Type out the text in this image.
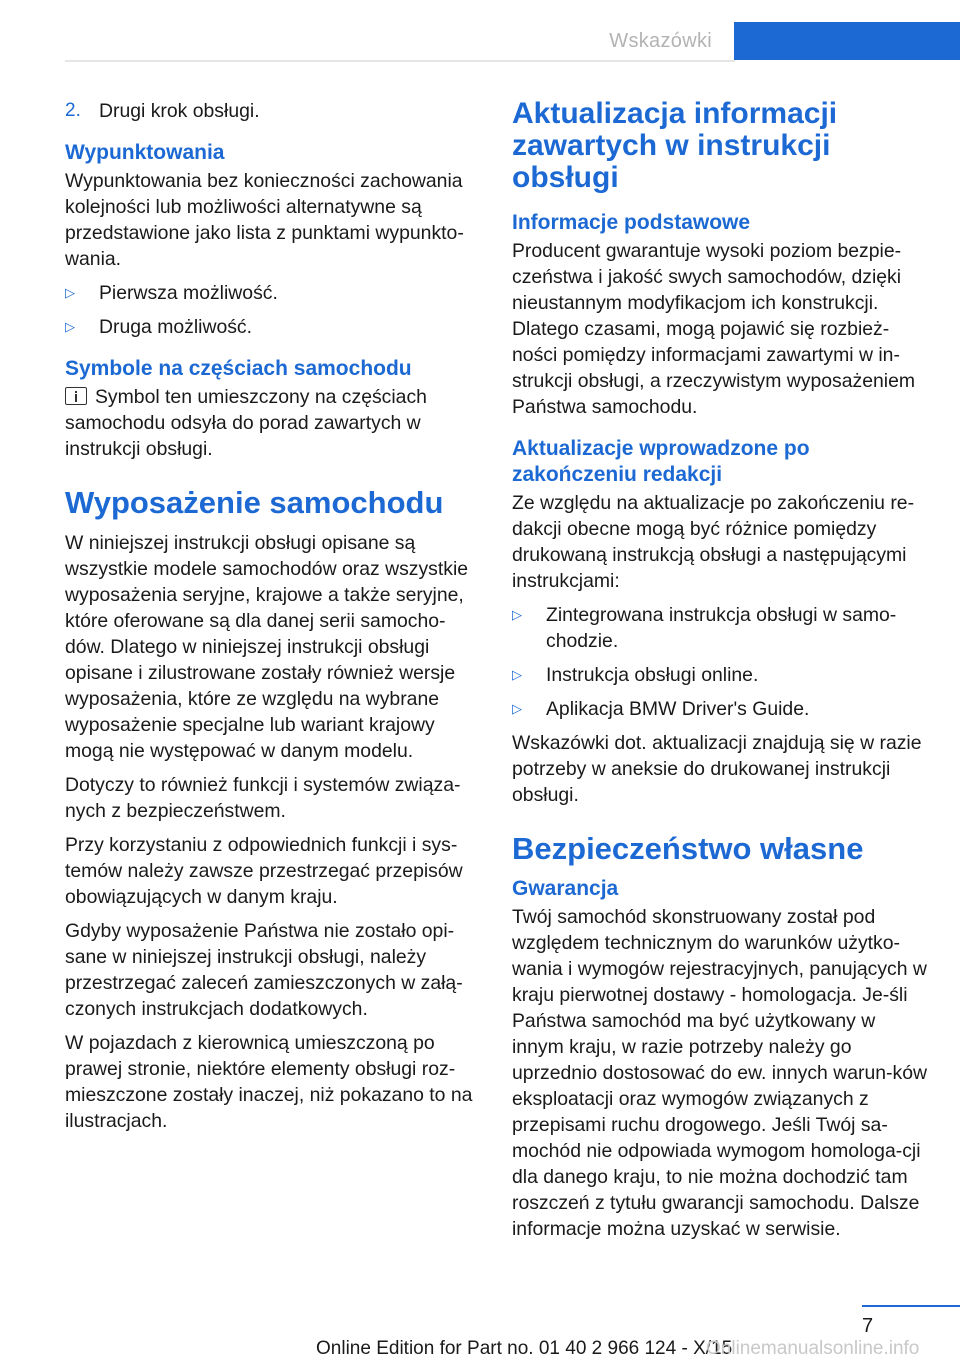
Wskazówki
2. Drugi krok obsługi.
Wypunktowania

Wypunktowania bez konieczności zachowania kolejności lub możliwości alternatywne są przedstawione jako lista z punktami wypunkto-wania.

▷ Pierwsza możliwość.
▷ Druga możliwość.
Symbole na częściach samochodu

Symbol ten umieszczony na częściach samochodu odsyła do porad zawartych w instrukcji obsługi.

Wyposażenie samochodu

W niniejszej instrukcji obsługi opisane są wszystkie modele samochodów oraz wszystkie wyposażenia seryjne, krajowe a także seryjne, które oferowane są dla danej serii samocho-dów. Dlatego w niniejszej instrukcji obsługi opisane i zilustrowane zostały również wersje wyposażenia, które ze względu na wybrane wyposażenie specjalne lub wariant krajowy mogą nie występować w danym modelu.

Dotyczy to również funkcji i systemów związa-nych z bezpieczeństwem.

Przy korzystaniu z odpowiednich funkcji i sys-temów należy zawsze przestrzegać przepisów obowiązujących w danym kraju.

Gdyby wyposażenie Państwa nie zostało opi-sane w niniejszej instrukcji obsługi, należy przestrzegać zaleceń zamieszczonych w załą-czonych instrukcjach dodatkowych.

W pojazdach z kierownicą umieszczoną po prawej stronie, niektóre elementy obsługi roz-mieszczone zostały inaczej, niż pokazano to na ilustracjach.

Aktualizacja informacji zawartych w instrukcji obsługi
Informacje podstawowe

Producent gwarantuje wysoki poziom bezpie-czeństwa i jakość swych samochodów, dzięki nieustannym modyfikacjom ich konstrukcji. Dlatego czasami, mogą pojawić się rozbież-ności pomiędzy informacjami zawartymi w in-strukcji obsługi, a rzeczywistym wyposażeniem Państwa samochodu.

Aktualizacje wprowadzone po zakończeniu redakcji

Ze względu na aktualizacje po zakończeniu re-dakcji obecne mogą być różnice pomiędzy drukowaną instrukcją obsługi a następującymi instrukcjami:

▷ Zintegrowana instrukcja obsługi w samo-chodzie.
▷ Instrukcja obsługi online.
▷ Aplikacja BMW Driver's Guide.

Wskazówki dot. aktualizacji znajdują się w razie potrzeby w aneksie do drukowanej instrukcji obsługi.

Bezpieczeństwo własne
Gwarancja

Twój samochód skonstruowany został pod względem technicznym do warunków użytko-wania i wymogów rejestracyjnych, panujących w kraju pierwotnej dostawy - homologacja. Je-śli Państwa samochód ma być użytkowany w innym kraju, w razie potrzeby należy go uprzednio dostosować do ew. innych warun-ków eksploatacji oraz wymogów związanych z przepisami ruchu drogowego. Jeśli Twój sa-mochód nie odpowiada wymogom homologa-cji dla danego kraju, to nie można dochodzić tam roszczeń z tytułu gwarancji samochodu. Dalsze informacje można uzyskać w serwisie.

7
Online Edition for Part no. 01 40 2 966 124 - X/15
Onlinemanualsonline.info
